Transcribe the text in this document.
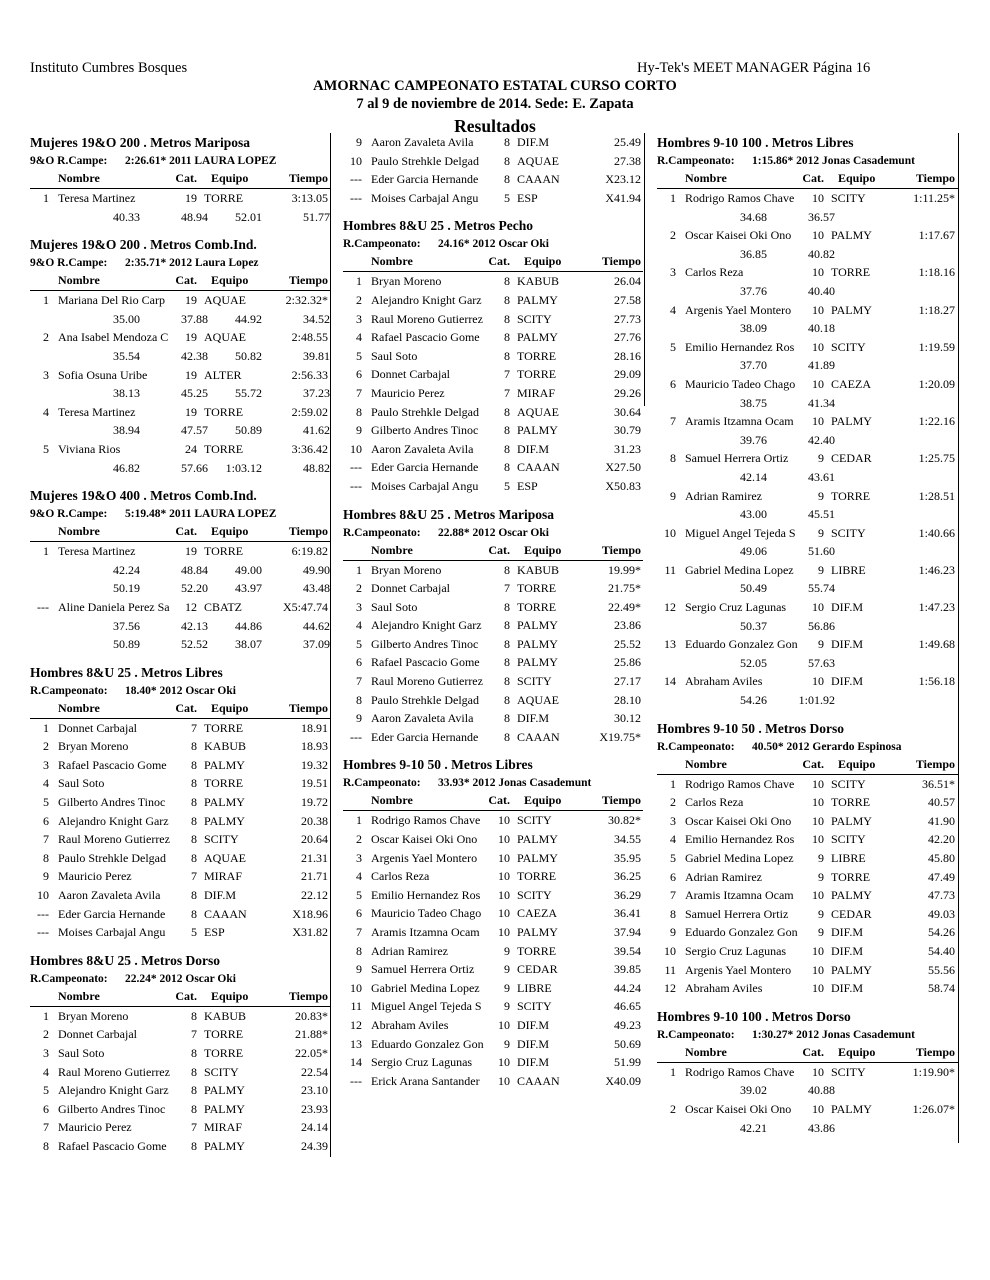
Instituto Cumbres Bosques	Hy-Tek's MEET MANAGER Página 16
AMORNAC CAMPEONATO ESTATAL CURSO CORTO
7 al 9 de noviembre de 2014. Sede: E. Zapata
Resultados
Mujeres 19&O 200 . Metros Mariposa
9&O R.Campe: 2:26.61* 2011 LAURA LOPEZ
Nombre	Cat. Equipo	Tiempo
1 Teresa Martinez	19 TORRE	3:13.05
40.33	48.94	52.01	51.77
Mujeres 19&O 200 . Metros Comb.Ind.
9&O R.Campe: 2:35.71* 2012 Laura Lopez
Nombre	Cat. Equipo	Tiempo
1 Mariana Del Rio Carp	19 AQUAE	2:32.32*
35.00	37.88	44.92	34.52
2 Ana Isabel Mendoza C	19 AQUAE	2:48.55
35.54	42.38	50.82	39.81
3 Sofia Osuna Uribe	19 ALTER	2:56.33
38.13	45.25	55.72	37.23
4 Teresa Martinez	19 TORRE	2:59.02
38.94	47.57	50.89	41.62
5 Viviana Rios	24 TORRE	3:36.42
46.82	57.66	1:03.12	48.82
Mujeres 19&O 400 . Metros Comb.Ind.
9&O R.Campe: 5:19.48* 2011 LAURA LOPEZ
Nombre	Cat. Equipo	Tiempo
1 Teresa Martinez	19 TORRE	6:19.82
42.24	48.84	49.00	49.90
50.19	52.20	43.97	43.48
--- Aline Daniela Perez Sa	12 CBATZ	X5:47.74
37.56	42.13	44.86	44.62
50.89	52.52	38.07	37.09
Hombres 8&U 25 . Metros Libres
R.Campeonato: 18.40* 2012 Oscar Oki
Nombre	Cat. Equipo	Tiempo
1 Donnet Carbajal	7 TORRE	18.91
2 Bryan Moreno	8 KABUB	18.93
3 Rafael Pascacio Gome	8 PALMY	19.32
4 Saul Soto	8 TORRE	19.51
5 Gilberto Andres Tinoc	8 PALMY	19.72
6 Alejandro Knight Garz	8 PALMY	20.38
7 Raul Moreno Gutierrez	8 SCITY	20.64
8 Paulo Strehkle Delgad	8 AQUAE	21.31
9 Mauricio Perez	7 MIRAF	21.71
10 Aaron Zavaleta Avila	8 DIF.M	22.12
--- Eder Garcia Hernande	8 CAAAN	X18.96
--- Moises Carbajal Angu	5 ESP	X31.82
Hombres 8&U 25 . Metros Dorso
R.Campeonato: 22.24* 2012 Oscar Oki
Nombre	Cat. Equipo	Tiempo
1 Bryan Moreno	8 KABUB	20.83*
2 Donnet Carbajal	7 TORRE	21.88*
3 Saul Soto	8 TORRE	22.05*
4 Raul Moreno Gutierrez	8 SCITY	22.54
5 Alejandro Knight Garz	8 PALMY	23.10
6 Gilberto Andres Tinoc	8 PALMY	23.93
7 Mauricio Perez	7 MIRAF	24.14
8 Rafael Pascacio Gome	8 PALMY	24.39
9 Aaron Zavaleta Avila	8 DIF.M	25.49
10 Paulo Strehkle Delgad	8 AQUAE	27.38
--- Eder Garcia Hernande	8 CAAAN	X23.12
--- Moises Carbajal Angu	5 ESP	X41.94
Hombres 8&U 25 . Metros Pecho
R.Campeonato: 24.16* 2012 Oscar Oki
Nombre	Cat. Equipo	Tiempo
1 Bryan Moreno	8 KABUB	26.04
2 Alejandro Knight Garz	8 PALMY	27.58
3 Raul Moreno Gutierrez	8 SCITY	27.73
4 Rafael Pascacio Gome	8 PALMY	27.76
5 Saul Soto	8 TORRE	28.16
6 Donnet Carbajal	7 TORRE	29.09
7 Mauricio Perez	7 MIRAF	29.26
8 Paulo Strehkle Delgad	8 AQUAE	30.64
9 Gilberto Andres Tinoc	8 PALMY	30.79
10 Aaron Zavaleta Avila	8 DIF.M	31.23
--- Eder Garcia Hernande	8 CAAAN	X27.50
--- Moises Carbajal Angu	5 ESP	X50.83
Hombres 8&U 25 . Metros Mariposa
R.Campeonato: 22.88* 2012 Oscar Oki
Nombre	Cat. Equipo	Tiempo
1 Bryan Moreno	8 KABUB	19.99*
2 Donnet Carbajal	7 TORRE	21.75*
3 Saul Soto	8 TORRE	22.49*
4 Alejandro Knight Garz	8 PALMY	23.86
5 Gilberto Andres Tinoc	8 PALMY	25.52
6 Rafael Pascacio Gome	8 PALMY	25.86
7 Raul Moreno Gutierrez	8 SCITY	27.17
8 Paulo Strehkle Delgad	8 AQUAE	28.10
9 Aaron Zavaleta Avila	8 DIF.M	30.12
--- Eder Garcia Hernande	8 CAAAN	X19.75*
Hombres 9-10 50 . Metros Libres
R.Campeonato: 33.93* 2012 Jonas Casademunt
Nombre	Cat. Equipo	Tiempo
1 Rodrigo Ramos Chave	10 SCITY	30.82*
2 Oscar Kaisei Oki Ono	10 PALMY	34.55
3 Argenis Yael Montero	10 PALMY	35.95
4 Carlos Reza	10 TORRE	36.25
5 Emilio Hernandez Ros	10 SCITY	36.29
6 Mauricio Tadeo Chago	10 CAEZA	36.41
7 Aramis Itzamna Ocam	10 PALMY	37.94
8 Adrian Ramirez	9 TORRE	39.54
9 Samuel Herrera Ortiz	9 CEDAR	39.85
10 Gabriel Medina Lopez	9 LIBRE	44.24
11 Miguel Angel Tejeda S	9 SCITY	46.65
12 Abraham Aviles	10 DIF.M	49.23
13 Eduardo Gonzalez Gon	9 DIF.M	50.69
14 Sergio Cruz Lagunas	10 DIF.M	51.99
--- Erick Arana Santander	10 CAAAN	X40.09
Hombres 9-10 100 . Metros Libres
R.Campeonato: 1:15.86* 2012 Jonas Casademunt
Nombre	Cat. Equipo	Tiempo
1 Rodrigo Ramos Chave	10 SCITY	1:11.25*
34.68	36.57
2 Oscar Kaisei Oki Ono	10 PALMY	1:17.67
36.85	40.82
3 Carlos Reza	10 TORRE	1:18.16
37.76	40.40
4 Argenis Yael Montero	10 PALMY	1:18.27
38.09	40.18
5 Emilio Hernandez Ros	10 SCITY	1:19.59
37.70	41.89
6 Mauricio Tadeo Chago	10 CAEZA	1:20.09
38.75	41.34
7 Aramis Itzamna Ocam	10 PALMY	1:22.16
39.76	42.40
8 Samuel Herrera Ortiz	9 CEDAR	1:25.75
42.14	43.61
9 Adrian Ramirez	9 TORRE	1:28.51
43.00	45.51
10 Miguel Angel Tejeda S	9 SCITY	1:40.66
49.06	51.60
11 Gabriel Medina Lopez	9 LIBRE	1:46.23
50.49	55.74
12 Sergio Cruz Lagunas	10 DIF.M	1:47.23
50.37	56.86
13 Eduardo Gonzalez Gon	9 DIF.M	1:49.68
52.05	57.63
14 Abraham Aviles	10 DIF.M	1:56.18
54.26	1:01.92
Hombres 9-10 50 . Metros Dorso
R.Campeonato: 40.50* 2012 Gerardo Espinosa
Nombre	Cat. Equipo	Tiempo
1 Rodrigo Ramos Chave	10 SCITY	36.51*
2 Carlos Reza	10 TORRE	40.57
3 Oscar Kaisei Oki Ono	10 PALMY	41.90
4 Emilio Hernandez Ros	10 SCITY	42.20
5 Gabriel Medina Lopez	9 LIBRE	45.80
6 Adrian Ramirez	9 TORRE	47.49
7 Aramis Itzamna Ocam	10 PALMY	47.73
8 Samuel Herrera Ortiz	9 CEDAR	49.03
9 Eduardo Gonzalez Gon	9 DIF.M	54.26
10 Sergio Cruz Lagunas	10 DIF.M	54.40
11 Argenis Yael Montero	10 PALMY	55.56
12 Abraham Aviles	10 DIF.M	58.74
Hombres 9-10 100 . Metros Dorso
R.Campeonato: 1:30.27* 2012 Jonas Casademunt
Nombre	Cat. Equipo	Tiempo
1 Rodrigo Ramos Chave	10 SCITY	1:19.90*
39.02	40.88
2 Oscar Kaisei Oki Ono	10 PALMY	1:26.07*
42.21	43.86
